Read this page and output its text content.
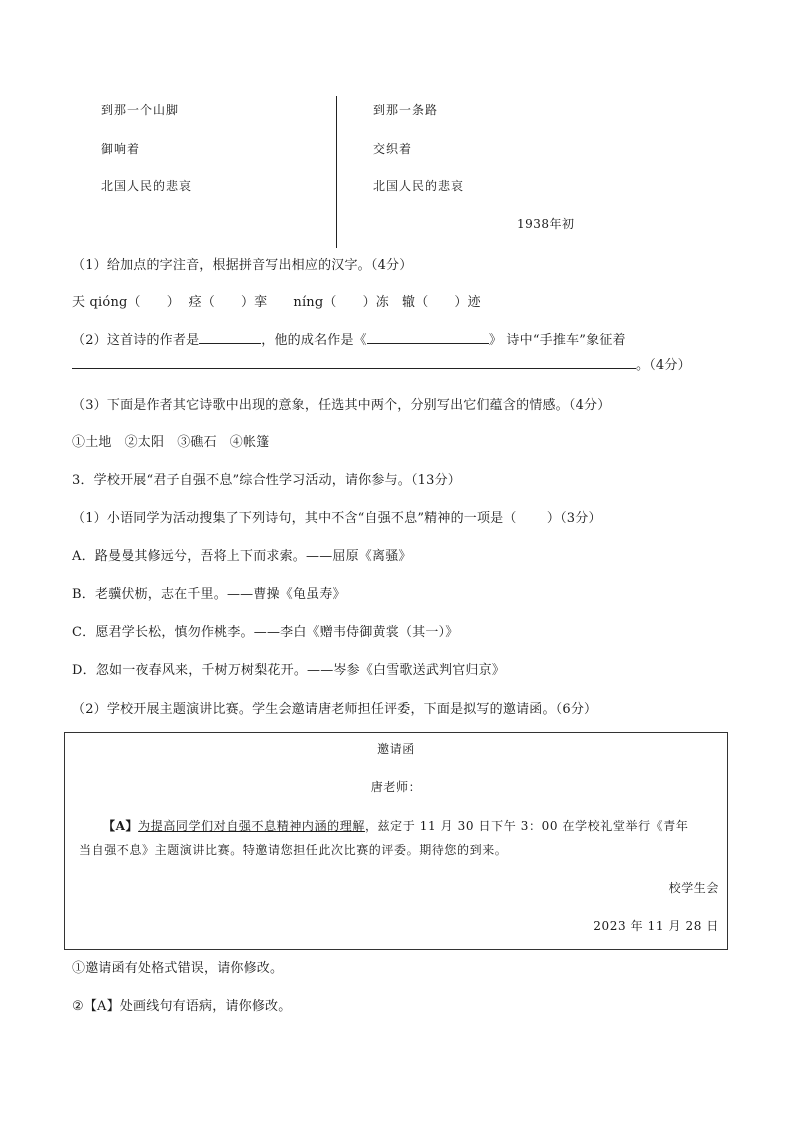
到那一个山脚
御响着
北国人民的悲哀
到那一条路
交织着
北国人民的悲哀
1938年初
（1）给加点的字注音，根据拼音写出相应的汉字。（4分）
天 qióng（      ）  痉（      ）挛      níng（      ）冻   辙（      ）迹
（2）这首诗的作者是	，他的成名作是《	》 诗中“手推车”象征着
。（4分）
（3）下面是作者其它诗歌中出现的意象，任选其中两个，分别写出它们蕴含的情感。（4分）
①土地   ②太阳   ③礁石   ④帐篷
3．学校开展“君子自强不息”综合性学习活动，请你参与。（13分）
（1）小语同学为活动搜集了下列诗句，其中不含“自强不息”精神的一项是（       ）（3分）
A．路曼曼其修远兮，吾将上下而求索。——屈原《离骚》
B．老骥伏枥，志在千里。——曹操《龟虽寿》
C．愿君学长松，慎勿作桃李。——李白《赠韦侍御黄裳（其一）》
D．忽如一夜春风来，千树万树梨花开。——岑参《白雪歌送武判官归京》
（2）学校开展主题演讲比赛。学生会邀请唐老师担任评委，下面是拟写的邀请函。（6分）
邀请函
唐老师：
【A】为提高同学们对自强不息精神内涵的理解，兹定于 11 月 30 日下午 3：00 在学校礼堂举行《青年
当自强不息》主题演讲比赛。特邀请您担任此次比赛的评委。期待您的到来。
校学生会
2023 年 11 月 28 日
①邀请函有处格式错误，请你修改。
②【A】处画线句有语病，请你修改。
